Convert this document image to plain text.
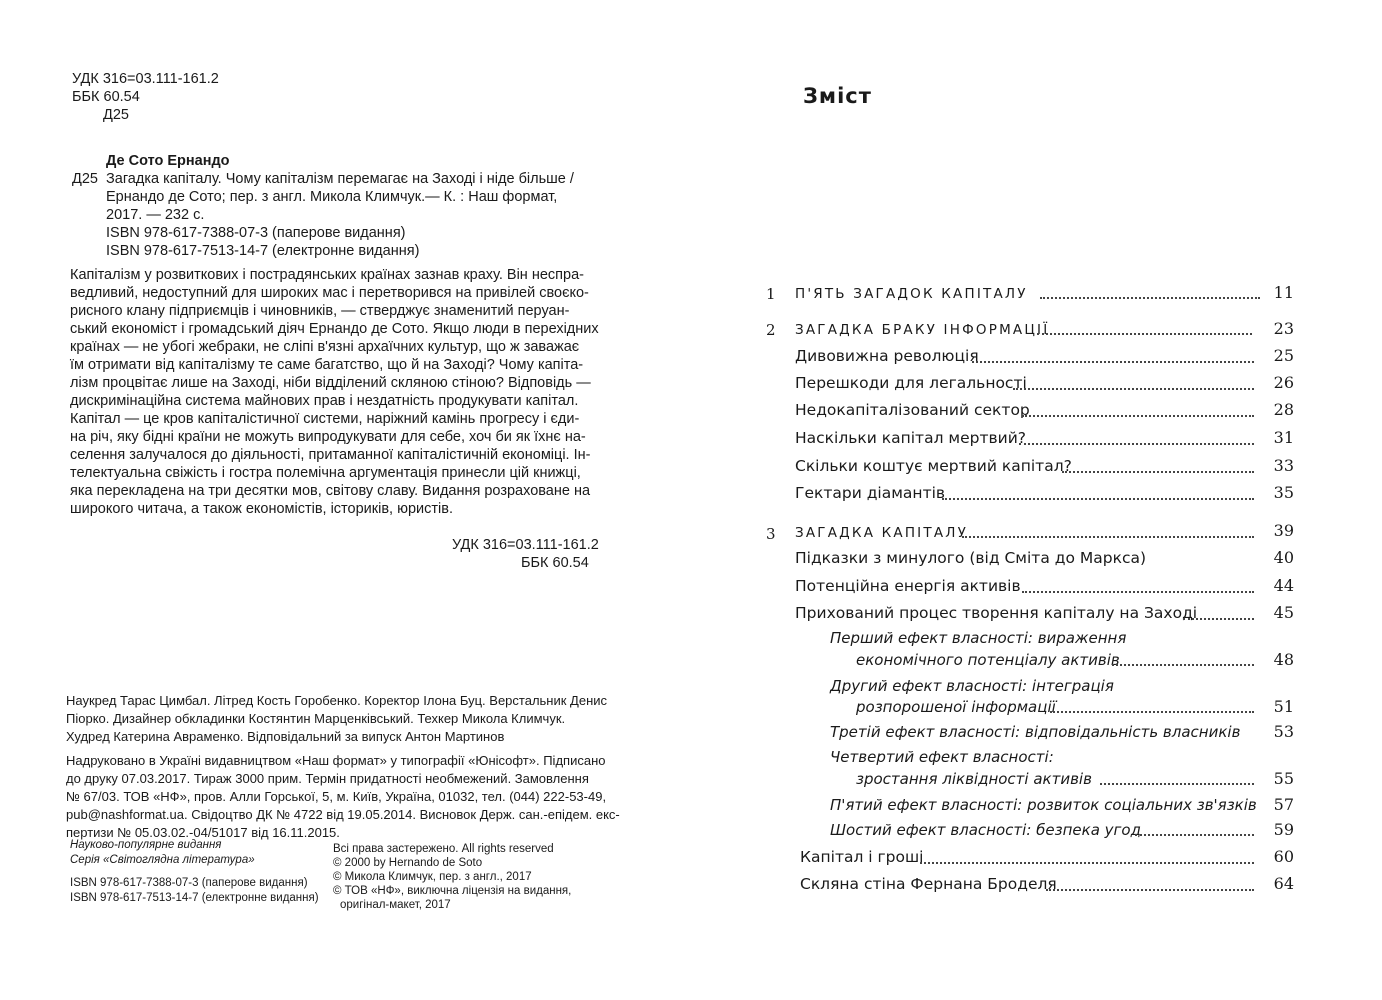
УДК 316=03.111-161.2
ББК 60.54
Д25
Де Сото Ернандо
Д25 Загадка капіталу. Чому капіталізм перемагає на Заході і ніде більше /
Ернандо де Сото; пер. з англ. Микола Климчук.— К. : Наш формат,
2017. — 232 с.
ISBN 978-617-7388-07-3 (паперове видання)
ISBN 978-617-7513-14-7 (електронне видання)
Капіталізм у розвиткових і пострадянських країнах зазнав краху. Він неспра-
ведливий, недоступний для широких мас і перетворився на привілей своєко-
рисного клану підприємців і чиновників, — стверджує знаменитий перуан-
ський економіст і громадський діяч Ернандо де Сото. Якщо люди в перехідних
країнах — не убогі жебраки, не сліпі в'язні архаїчних культур, що ж заважає
їм отримати від капіталізму те саме багатство, що й на Заході? Чому капіта-
лізм процвітає лише на Заході, ніби відділений скляною стіною? Відповідь —
дискримінаційна система майнових прав і нездатність продукувати капітал.
Капітал — це кров капіталістичної системи, наріжний камінь прогресу і єди-
на річ, яку бідні країни не можуть випродукувати для себе, хоч би як їхнє на-
селення залучалося до діяльності, притаманної капіталістичній економіці. Ін-
телектуальна свіжість і гостра полемічна аргументація принесли цій книжці,
яка перекладена на три десятки мов, світову славу. Видання розраховане на
широкого читача, а також економістів, істориків, юристів.
УДК 316=03.111-161.2
ББК 60.54
Наукред Тарас Цимбал. Літред Кость Горобенко. Коректор Ілона Буц. Верстальник Денис
Піорко. Дизайнер обкладинки Костянтин Марценківський. Техкер Микола Климчук.
Худред Катерина Авраменко. Відповідальний за випуск Антон Мартинов
Надруковано в Україні видавництвом «Наш формат» у типографії «Юнісофт». Підписано
до друку 07.03.2017. Тираж 3000 прим. Термін придатності необмежений. Замовлення
№ 67/03. ТОВ «НФ», пров. Алли Горської, 5, м. Київ, Україна, 01032, тел. (044) 222-53-49,
pub@nashformat.ua. Свідоцтво ДК № 4722 від 19.05.2014. Висновок Держ. сан.-епідем. екс-
пертизи № 05.03.02.-04/51017 від 16.11.2015.
Науково-популярне видання
Серія «Світоглядна література»
ISBN 978-617-7388-07-3 (паперове видання)
ISBN 978-617-7513-14-7 (електронне видання)
Всі права застережено. All rights reserved
© 2000 by Hernando de Soto
© Микола Климчук, пер. з англ., 2017
© ТОВ «НФ», виключна ліцензія на видання,
оригінал-макет, 2017
Зміст
1 П'ЯТЬ ЗАГАДОК КАПІТАЛУ	11
2 ЗАГАДКА БРАКУ ІНФОРМАЦІЇ	23
Дивовижна революція	25
Перешкоди для легальності	26
Недокапіталізований сектор	28
Наскільки капітал мертвий?	31
Скільки коштує мертвий капітал?	33
Гектари діамантів	35
3 ЗАГАДКА КАПІТАЛУ	39
Підказки з минулого (від Сміта до Маркса)	40
Потенційна енергія активів	44
Прихований процес творення капіталу на Заході	45
Перший ефект власності: вираження
економічного потенціалу активів	48
Другий ефект власності: інтеграція
розпорошеної інформації	51
Третій ефект власності: відповідальність власників 53
Четвертий ефект власності:
зростання ліквідності активів	55
П'ятий ефект власності: розвиток соціальних зв'язків 57
Шостий ефект власності: безпека угод	59
Капітал і гроші	60
Скляна стіна Фернана Броделя	64
